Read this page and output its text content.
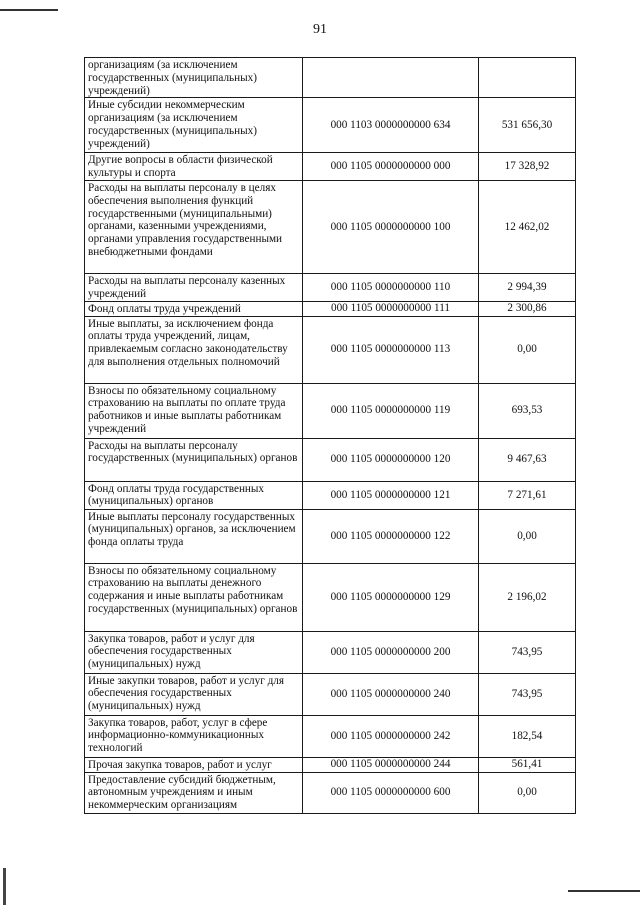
91
организациям (за исключением государственных (муниципальных) учреждений)		
Иные субсидии некоммерческим организациям (за исключением государственных (муниципальных) учреждений)	000 1103 0000000000 634	531 656,30
Другие вопросы в области физической культуры и спорта	000 1105 0000000000 000	17 328,92
Расходы на выплаты персоналу в целях обеспечения выполнения функций государственными (муниципальными) органами, казенными учреждениями, органами управления государственными внебюджетными фондами	000 1105 0000000000 100	12 462,02
Расходы на выплаты персоналу казенных учреждений	000 1105 0000000000 110	2 994,39
Фонд оплаты труда учреждений	000 1105 0000000000 111	2 300,86
Иные выплаты, за исключением фонда оплаты труда учреждений, лицам, привлекаемым согласно законодательству для выполнения отдельных полномочий	000 1105 0000000000 113	0,00
Взносы по обязательному социальному страхованию на выплаты по оплате труда работников и иные выплаты работникам учреждений	000 1105 0000000000 119	693,53
Расходы на выплаты персоналу государственных (муниципальных) органов	000 1105 0000000000 120	9 467,63
Фонд оплаты труда государственных (муниципальных) органов	000 1105 0000000000 121	7 271,61
Иные выплаты персоналу государственных (муниципальных) органов, за исключением фонда оплаты труда	000 1105 0000000000 122	0,00
Взносы по обязательному социальному страхованию на выплаты денежного содержания и иные выплаты работникам государственных (муниципальных) органов	000 1105 0000000000 129	2 196,02
Закупка товаров, работ и услуг для обеспечения государственных (муниципальных) нужд	000 1105 0000000000 200	743,95
Иные закупки товаров, работ и услуг для обеспечения государственных (муниципальных) нужд	000 1105 0000000000 240	743,95
Закупка товаров, работ, услуг в сфере информационно-коммуникационных технологий	000 1105 0000000000 242	182,54
Прочая закупка товаров, работ и услуг	000 1105 0000000000 244	561,41
Предоставление субсидий бюджетным, автономным учреждениям и иным некоммерческим организациям	000 1105 0000000000 600	0,00
